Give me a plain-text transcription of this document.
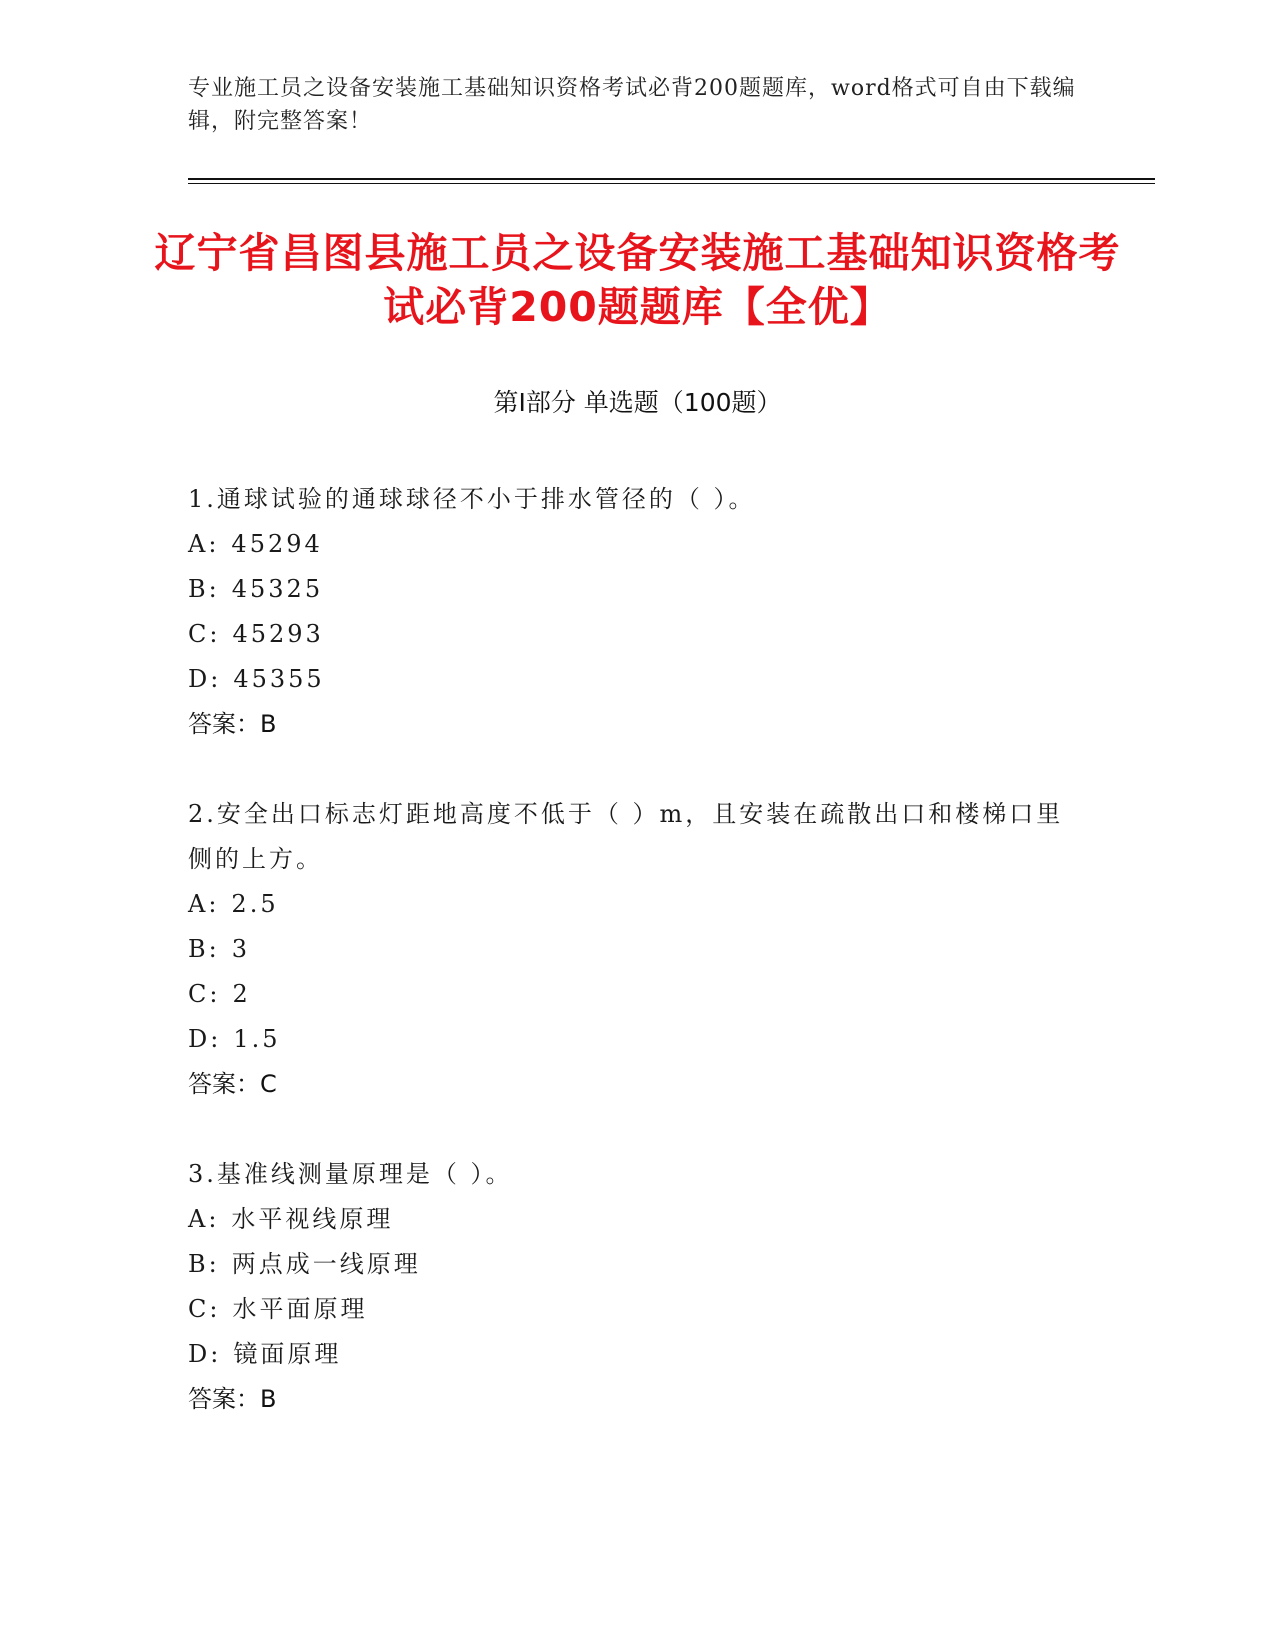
专业施工员之设备安装施工基础知识资格考试必背200题题库，word格式可自由下载编辑，附完整答案！
辽宁省昌图县施工员之设备安装施工基础知识资格考试必背200题题库【全优】
第Ⅰ部分 单选题（100题）
1.通球试验的通球球径不小于排水管径的（ ）。
A: 45294
B: 45325
C: 45293
D: 45355
答案：B
2.安全出口标志灯距地高度不低于（ ）m，且安装在疏散出口和楼梯口里侧的上方。
A: 2.5
B: 3
C: 2
D: 1.5
答案：C
3.基准线测量原理是（ ）。
A: 水平视线原理
B: 两点成一线原理
C: 水平面原理
D: 镜面原理
答案：B
